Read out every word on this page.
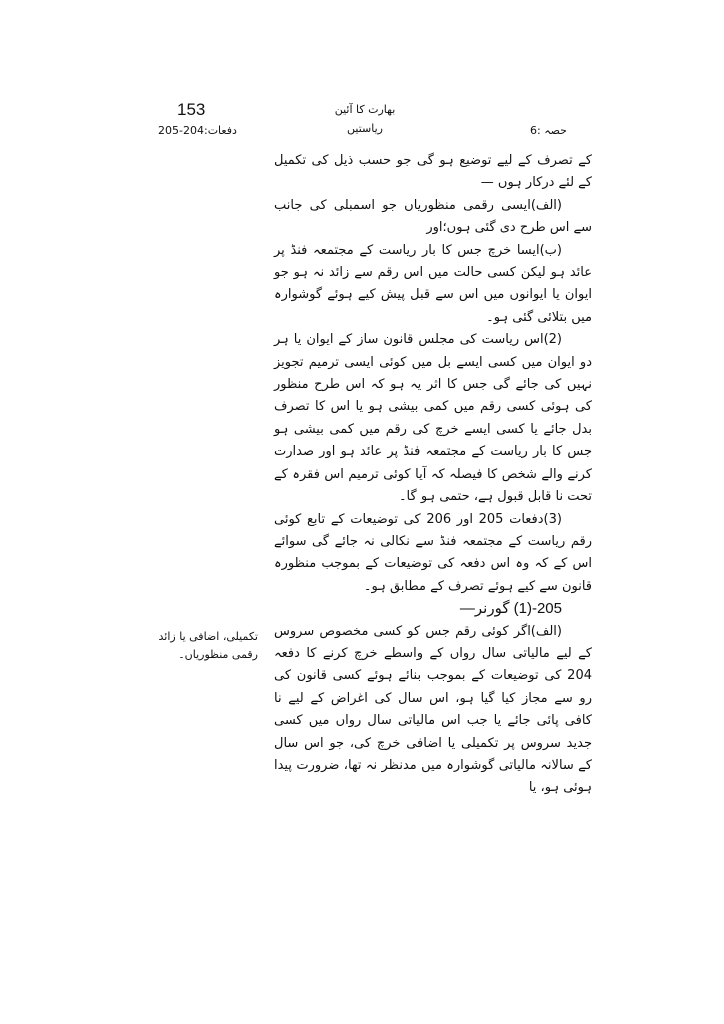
153
دفعات:204-205
بھارت کا آئین
ریاستیں	حصہ :6

کے تصرف کے لیے توضیع ہو گی جو حسب ذیل کی تکمیل کے لئے درکار ہوں —

(الف)ایسی رقمی منظوریاں جو اسمبلی کی جانب سے اس طرح دی گئی ہوں؛اور

(ب)ایسا خرچ جس کا بار ریاست کے مجتمعہ فنڈ پر عائد ہو لیکن کسی حالت میں اس رقم سے زائد نہ ہو جو ایوان یا ایوانوں میں اس سے قبل پیش کیے ہوئے گوشوارہ میں بتلائی گئی ہو۔

(2)اس ریاست کی مجلس قانون ساز کے ایوان یا ہر دو ایوان میں کسی ایسے بل میں کوئی ایسی ترمیم تجویز نہیں کی جائے گی جس کا اثر یہ ہو کہ اس طرح منظور کی ہوئی کسی رقم میں کمی بیشی ہو یا اس کا تصرف بدل جائے یا کسی ایسے خرچ کی رقم میں کمی بیشی ہو جس کا بار ریاست کے مجتمعہ فنڈ پر عائد ہو اور صدارت کرنے والے شخص کا فیصلہ کہ آیا کوئی ترمیم اس فقرہ کے تحت نا قابل قبول ہے، حتمی ہو گا۔

(3)دفعات 205 اور 206 کی توضیعات کے تابع کوئی رقم ریاست کے مجتمعہ فنڈ سے نکالی نہ جائے گی سوائے اس کے کہ وہ اس دفعہ کی توضیعات کے بموجب منظورہ قانون سے کیے ہوئے تصرف کے مطابق ہو۔

205-(1) گورنر—

(الف)اگر کوئی رقم جس کو کسی مخصوص سروس کے لیے مالیاتی سال رواں کے واسطے خرچ کرنے کا دفعہ 204 کی توضیعات کے بموجب بنائے ہوئے کسی قانون کی رو سے مجاز کیا گیا ہو، اس سال کی اغراض کے لیے نا کافی پائی جائے یا جب اس مالیاتی سال رواں میں کسی جدید سروس پر تکمیلی یا اضافی خرچ کی، جو اس سال کے سالانہ مالیاتی گوشوارہ میں مدنظر نہ تھا، ضرورت پیدا ہوئی ہو، یا

تکمیلی، اضافی یا زائد رقمی منظوریاں۔
